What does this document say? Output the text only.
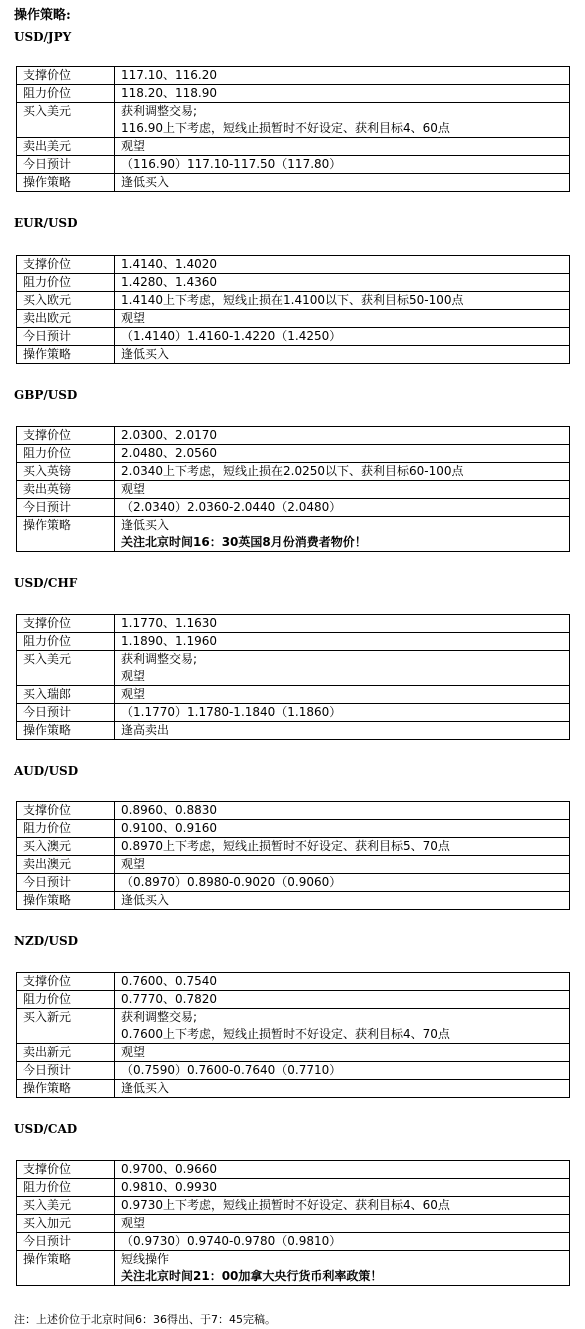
操作策略:
USD/JPY
支撑价位	117.10、116.20

阻力价位	118.20、118.90

买入美元	获利调整交易;
116.90上下考虑，短线止损暂时不好设定、获利目标4、60点

卖出美元	观望

今日预计	（116.90）117.10-117.50（117.80）

操作策略	逢低买入
EUR/USD
支撑价位	1.4140、1.4020

阻力价位	1.4280、1.4360

买入欧元	1.4140上下考虑，短线止损在1.4100以下、获利目标50-100点

卖出欧元	观望

今日预计	（1.4140）1.4160-1.4220（1.4250）

操作策略	逢低买入
GBP/USD
支撑价位	2.0300、2.0170

阻力价位	2.0480、2.0560

买入英镑	2.0340上下考虑，短线止损在2.0250以下、获利目标60-100点

卖出英镑	观望

今日预计	（2.0340）2.0360-2.0440（2.0480）

操作策略	逢低买入
关注北京时间16：30英国8月份消费者物价！
USD/CHF
支撑价位	1.1770、1.1630

阻力价位	1.1890、1.1960

买入美元	获利调整交易;
观望

买入瑞郎	观望

今日预计	（1.1770）1.1780-1.1840（1.1860）

操作策略	逢高卖出
AUD/USD
支撑价位	0.8960、0.8830

阻力价位	0.9100、0.9160

买入澳元	0.8970上下考虑，短线止损暂时不好设定、获利目标5、70点

卖出澳元	观望

今日预计	（0.8970）0.8980-0.9020（0.9060）

操作策略	逢低买入
NZD/USD
支撑价位	0.7600、0.7540

阻力价位	0.7770、0.7820

买入新元	获利调整交易;
0.7600上下考虑，短线止损暂时不好设定、获利目标4、70点

卖出新元	观望

今日预计	（0.7590）0.7600-0.7640（0.7710）

操作策略	逢低买入
USD/CAD
支撑价位	0.9700、0.9660

阻力价位	0.9810、0.9930

买入美元	0.9730上下考虑，短线止损暂时不好设定、获利目标4、60点

买入加元	观望

今日预计	（0.9730）0.9740-0.9780（0.9810）

操作策略	短线操作
关注北京时间21：00加拿大央行货币利率政策！
注：上述价位于北京时间6：36得出、于7：45完稿。
